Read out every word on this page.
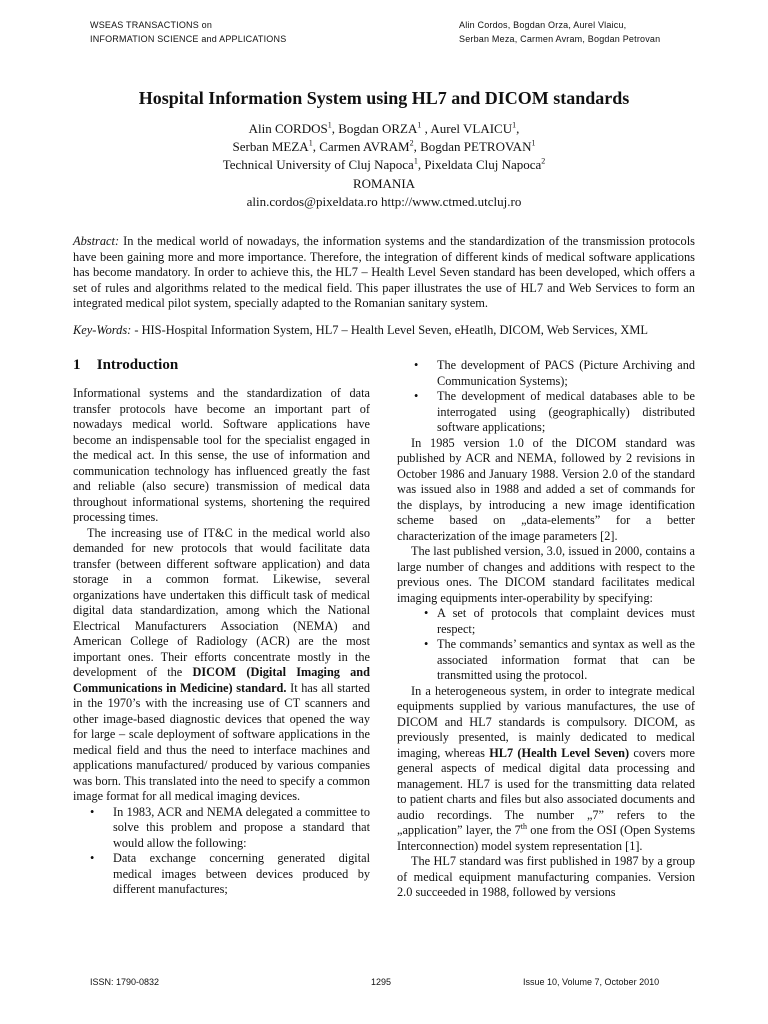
WSEAS TRANSACTIONS on
INFORMATION SCIENCE and APPLICATIONS
Alin Cordos, Bogdan Orza, Aurel Vlaicu,
Serban Meza, Carmen Avram, Bogdan Petrovan
Hospital Information System using HL7 and DICOM standards
Alin CORDOS$^1$, Bogdan ORZA$^1$ , Aurel VLAICU$^1$,
Serban MEZA$^1$, Carmen AVRAM$^2$, Bogdan PETROVAN$^1$
Technical University of Cluj Napoca$^1$, Pixeldata Cluj Napoca$^2$
ROMANIA
alin.cordos@pixeldata.ro http://www.ctmed.utcluj.ro

Abstract: In the medical world of nowadays, the information systems and the standardization of the transmission protocols have been gaining more and more importance. Therefore, the integration of different kinds of medical software applications has become mandatory. In order to achieve this, the HL7 – Health Level Seven standard has been developed, which offers a set of rules and algorithms related to the medical field. This paper illustrates the use of HL7 and Web Services to form an integrated medical pilot system, specially adapted to the Romanian sanitary system.

Key-Words: - HIS-Hospital Information System, HL7 – Health Level Seven, eHeatlh, DICOM, Web Services, XML

1 Introduction

Informational systems and the standardization of data transfer protocols have become an important part of nowadays medical world. Software applications have become an indispensable tool for the specialist engaged in the medical act. In this sense, the use of information and communication technology has influenced greatly the fast and reliable (also secure) transmission of medical data throughout informational systems, shortening the required processing times.

The increasing use of IT&C in the medical world also demanded for new protocols that would facilitate data transfer (between different software application) and data storage in a common format. Likewise, several organizations have undertaken this difficult task of medical digital data standardization, among which the National Electrical Manufacturers Association (NEMA) and American College of Radiology (ACR) are the most important ones. Their efforts concentrate mostly in the development of the DICOM (Digital Imaging and Communications in Medicine) standard. It has all started in the 1970’s with the increasing use of CT scanners and other image-based diagnostic devices that opened the way for large – scale deployment of software applications in the medical field and thus the need to interface machines and applications manufactured/ produced by various companies was born. This translated into the need to specify a common image format for all medical imaging devices.

• In 1983, ACR and NEMA delegated a committee to solve this problem and propose a standard that would allow the following:
• Data exchange concerning generated digital medical images between devices produced by different manufactures;
• The development of PACS (Picture Archiving and Communication Systems);
• The development of medical databases able to be interrogated using (geographically) distributed software applications;

In 1985 version 1.0 of the DICOM standard was published by ACR and NEMA, followed by 2 revisions in October 1986 and January 1988. Version 2.0 of the standard was issued also in 1988 and added a set of commands for the displays, by introducing a new image identification scheme based on „data-elements” for a better characterization of the image parameters [2].

The last published version, 3.0, issued in 2000, contains a large number of changes and additions with respect to the previous ones. The DICOM standard facilitates medical imaging equipments inter-operability by specifying:

• A set of protocols that complaint devices must respect;
• The commands’ semantics and syntax as well as the associated information format that can be transmitted using the protocol.

In a heterogeneous system, in order to integrate medical equipments supplied by various manufactures, the use of DICOM and HL7 standards is compulsory. DICOM, as previously presented, is mainly dedicated to medical imaging, whereas HL7 (Health Level Seven) covers more general aspects of medical digital data processing and management. HL7 is used for the transmitting data related to patient charts and files but also associated documents and audio recordings. The number „7” refers to the „application” layer, the 7th one from the OSI (Open Systems Interconnection) model system representation [1].

The HL7 standard was first published in 1987 by a group of medical equipment manufacturing companies. Version 2.0 succeeded in 1988, followed by versions

ISSN: 1790-0832	1295	Issue 10, Volume 7, October 2010
